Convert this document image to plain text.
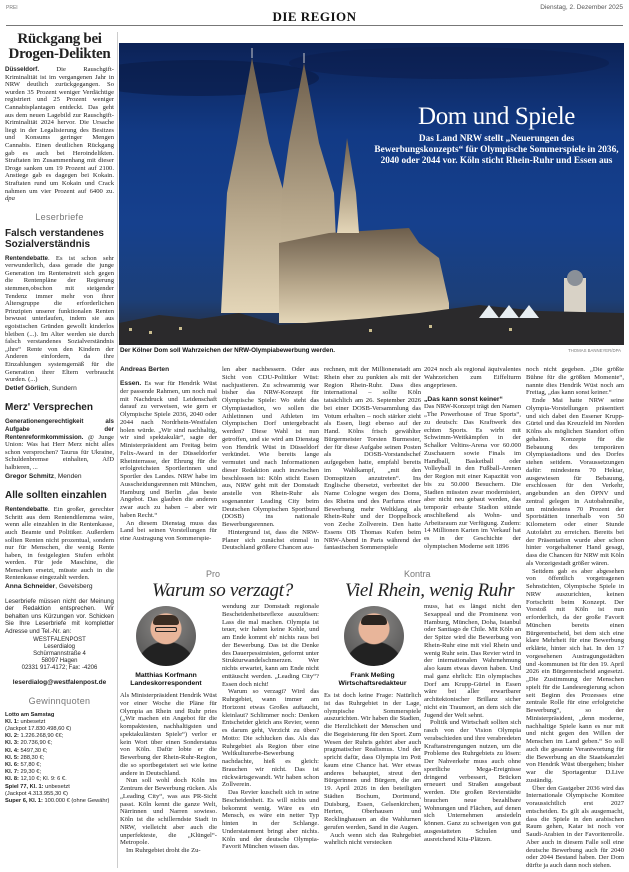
PREI
DIE REGION
Dienstag, 2. Dezember 2025
Rückgang bei Drogen-Delikten

Düsseldorf.	Die Rauschgift-Kriminalität ist im vergangenen Jahr in NRW deutlich zurückgegangen. So wurden 35 Prozent weniger Verdächtige registriert und 25 Prozent weniger Cannabisplantagen entdeckt. Das geht aus dem neuen Lagebild zur Rauschgift-Kriminalität 2024 hervor. Die Ursache liegt in der Legalisierung des Besitzes und Konsums geringer Mengen Cannabis. Einen deutlichen Rückgang gab es auch bei Heroindelikten. Straftaten im Zusammenhang mit dieser Droge sanken um 19 Prozent auf 2100. Anstiege gab es dagegen bei Kokain. Straftaten rund um Kokain und Crack nahmen um vier Prozent auf 6400 zu. dpa

Leserbriefe
Falsch verstandenes Sozialverständnis

Rentendebatte. Es ist schon sehr verwunderlich, dass gerade die junge Generation im Rentenstreit sich gegen die Rentenpläne der Regierung stemmen,obschon mit steigender Tendenz immer mehr von ihrer Altersgruppe die erforderlichen Prinzipien unserer funktionalen Renten bewusst unterlaufen, indem sie aus egoistischen Gründen gewollt kinderlos bleiben (...). Im Alter werden sie durch falsch verstandenes Sozialverständnis „ihre“ Rente von den Kindern der Anderen einfordern, da ihre Einzahlungen systemgemäß für die Generation ihrer Eltern verbraucht wurden. (...)

Detlef Görlich, Sundern

Merz' Versprechen

Generationengerechtigkeit als Aufgabe der Rentenreformkommission. @ Junge Union: Was hat Herr Merz nicht alles schon versprochen? Taurus für Ukraine, Schuldenbremse einhalten, AfD halbieren, ...

Gregor Schmitz, Menden

Alle sollten einzahlen

Rentendebatte. Ein großer, gerechter Schritt aus dem Rentendilemma wäre, wenn alle einzahlen in die Rentenkasse, auch Beamte und Politiker. Außerdem sollten Renten nicht prozentual, sondern nur für Menschen, die wenig Rente haben, in festgelegten Stufen erhöht werden. Für jede Maschine, die Menschen ersetzt, müsste auch in die Rentenkasse eingezahlt werden.

Anna Schneider, Gevelsberg

Leserbriefe müssen nicht der Meinung der Redaktion entsprechen. Wir behalten uns Kürzungen vor. Schicken Sie Ihre Leserbriefe mit kompletter Adresse und Tel.-Nr. an:

WESTFALENPOST
Leserdialog
Schürmannstraße 4
58097 Hagen
02331 917-4172; Fax: -4206
leserdialog@westfalenpost.de
Gewinnquoten
Lotto am Samstag
Kl. 1: unbesetzt
(Jackpot 17.830.498,60 €)
Kl. 2: 1.226.268,90 €€;
Kl. 3: 20.736,90 €;
Kl. 4: 5497,30 €;
Kl. 5: 288,30 €;
Kl. 6: 57,80 €;
Kl. 7: 29,30 €;
Kl. 8: 12,10 €; Kl. 9: 6 €.
Spiel 77, Kl. 1: unbesetzt
(Jackpot 4.313.955,30 €)
Super 6, Kl. 1: 100.000 € (ohne Gewähr)
Dom und Spiele

Das Land NRW stellt „Neuerungen des Bewerbungskonzepts“ für Olympische Sommerspiele in 2036, 2040 oder 2044 vor. Köln sticht Rhein-Ruhr und Essen aus

Der Kölner Dom soll Wahrzeichen der NRW-Olympiabewerbung werden.	THOMAS BANNEYER/DPA
Andreas Berten

Essen. Es war für Hendrik Wüst der passende Rahmen, um noch mal mit Nachdruck und Leidenschaft darauf zu verweisen, wie gern er Olympische Spiele 2036, 2040 oder 2044 nach Nordrhein-Westfalen holen würde. „Wir sind nachhaltig, wir sind spektakulär“, sagte der Ministerpräsident am Freitag beim Felix-Award in der Düsseldorfer Rheinterrasse, der Ehrung für die erfolgreichsten Sportlerinnen und Sportler des Landes. NRW habe im Ausscheidungsrennen mit München, Hamburg und Berlin „das beste Angebot. Das glauben die anderen zwar auch zu haben – aber wir haben Recht.“

An diesem Dienstag muss das Land bei seinen Vorstellungen für eine Austragung von Sommerspie-

len aber nachbessern. Oder aus Sicht von CDU-Politiker Wüst: nachjustieren. Zu schwammig war bisher das NRW-Konzept für Olympische Spiele: Wo steht das Olympiastadion, wo sollen die Athletinnen und Athleten im Olympischen Dorf untergebracht werden? Diese Wahl ist nun getroffen, und sie wird am Dienstag von Hendrik Wüst in Düsseldorf verkündet. Wie bereits lange vermutet und nach Informationen dieser Redaktion auch inzwischen beschlossen ist: Köln sticht Essen aus, NRW geht mit der Domstadt anstelle von Rhein-Ruhr als sogenannter Leading City beim Deutschen Olympischen Sportbund (DOSB) ins nationale Bewerbungsrennen.

Hintergrund ist, dass die NRW-Planer sich zunächst einmal in Deutschland größere Chancen aus-

rechnen, mit der Millionenstadt am Rhein eher zu punkten als mit der Region Rhein-Ruhr. Dass dies international – sollte Köln tatsächlich am 26. September 2026 bei einer DOSB-Versammlung das Votum erhalten – noch stärker zieht als Essen, liegt ebenso auf der Hand. Kölns frisch gewählter Bürgermeister Torsten Burmester, der für diese Aufgabe seinen Posten als DOSB-Vorstandschef aufgegeben hatte, empfahl bereits im Wahlkampf, „mit den Domspitzen anzutreten“. Ins Englische übersetzt, verbreitet der Name Cologne wegen des Doms, des Rheins und des Parfums einer Bewerbung mehr Weltklang als Rhein-Ruhr und der Doppelbock von Zeche Zollverein. Den hatte Essens OB Thomas Kufen beim NRW-Abend in Paris während der fantastischen Sommerspiele

2024 noch als regional äquivalentes Wahrzeichen zum Eiffelturm angepriesen.

„Das kann sonst keiner“

Das NRW-Konzept trägt den Namen „The Powerhouse of True Sports“, zu deutsch: Das Kraftwerk des echten Sports. Es wirbt mit Schwimm-Wettkämpfen in der Schalker Veltins-Arena vor 60.000 Zuschauern sowie Finals im Handball, Basketball oder Volleyball in den Fußball-Arenen der Region mit einer Kapazität von bis zu 50.000 Besuchern. Die Stadien müssten zwar modernisiert, aber nicht neu gebaut werden, das temporär erbaute Stadion stünde anschließend als Wohn- und Arbeitsraum zur Verfügung. Zudem: 14 Millionen Karten im Verkauf hat es in der Geschichte der olympischen Moderne seit 1896

noch nicht gegeben. „Die größte Bühne für die größten Momente“, nannte dies Hendrik Wüst noch am Freitag, „das kann sonst keiner.“

Ende Mai hatte NRW seine Olympia-Vorstellungen präsentiert und sich dabei den Essener Krupp-Gürtel und das Kreuzfeld im Norden Kölns als möglichen Standort offen gehalten. Konzepte für die Bebauung des temporären Olympiastadions und des Dorfes stehen seitdem. Voraussetzungen dafür: mindestens 70 Hektar, ausgewiesen für Bebauung, erschlossen für den Verkehr, angebunden an den ÖPNV und zentral gelegen in Autobahnnähe, um mindestens 70 Prozent der Sportstätten innerhalb von 50 Kilometern oder einer Stunde Autofahrt zu erreichen. Bereits bei der Präsentation wurde aber schon hinter vorgehaltener Hand gesagt, dass die Chancen für NRW mit Köln als Vorzeigestadt größer wären.

Seitdem gab es aber abgesehen von öffentlich vorgetragenen Sehnsüchten, Olympische Spiele in NRW auszurichten, keinen Fortschritt beim Konzept. Der Vorstoß mit Köln ist nun erforderlich, da der große Favorit München bereits einen Bürgerentscheid, bei dem sich eine klare Mehrheit für eine Bewerbung erklärte, hinter sich hat. In den 17 vorgesehenen Austragungsstädten und -kommunen ist für den 19. April 2026 ein Bürgerentscheid angesetzt. „Die Zustimmung der Menschen spielt für die Landesregierung schon seit Beginn des Prozesses eine zentrale Rolle für eine erfolgreiche Bewerbung“, so der Ministerpräsident, „denn moderne, nachhaltige Spiele kann es nur mit und nicht gegen den Willen der Menschen im Land geben.“ So soll auch die gesamte Verantwortung für die Bewerbung an die Staatskanzlei von Hendrik Wüst übergehen; bisher war die Sportagentur D.Live zuständig.

Über den Gastgeber 2036 wird das Internationale Olympische Komitee voraussichtlich erst 2027 entscheiden. Es gilt als ausgemacht, dass die Spiele in den arabischen Raum gehen, Katar ist noch vor Saudi-Arabien in der Favoritenrolle. Aber auch in diesem Falle soll eine deutsche Bewerbung auch für 2040 oder 2044 Bestand haben. Der Dom dürfte ja auch dann noch stehen.

Pro
Warum so verzagt?
Matthias Korfmann
Landeskorrespondent

Als Ministerpräsident Hendrik Wüst vor einer Woche die Pläne für Olympia an Rhein und Ruhr pries („Wir machen ein Angebot für die kompaktesten, nachhaltigsten und spektakulärsten Spiele“) verlor er kein Wort über einen Sonderstatus von Köln. Dafür lobte er die Bewerbung der Rhein-Ruhr-Region, die so sportbegeistert sei wie keine andere in Deutschland.

Nun soll wohl doch Köln ins Zentrum der Bewerbung rücken. Als „Leading City“, was aus PR-Sicht passt. Köln kennt die ganze Welt, Närrinnen und Narren sowieso. Köln ist die schillerndste Stadt in NRW, vielleicht aber auch die unperfekteste, die „Klüngel“-Metropole.

Im Ruhrgebiet droht die Zu-

wendung zur Domstadt regionale Bescheidenheitsreflexe auszulösen: Lass die mal machen. Olympia ist teuer, wir haben keine Kohle, und am Ende kommt eh' nichts raus bei der Bewerbung. Das ist die Denke des Dauerpessimisten, geformt unter Strukturwandelschmerzen. Wer nichts erwartet, kann am Ende nicht enttäuscht werden. „Leading City“? Essen doch nicht!

Warum so verzagt? Wird das Ruhrgebiet, wann immer am Horizont etwas Großes auftaucht, kleinlaut? Schlimmer noch: Denken Entscheider gleich ans Revier, wenn es darum geht, Verzicht zu üben? Motto: Die schlucken das. Als das Ruhrgebiet als Region über eine Weltkulturerbe-Bewerbung nachdachte, hieß es gleich: Brauchen wir nicht. Das ist rückwärtsgewandt. Wir haben schon Zollverein.

Das Revier kuschelt sich in seine Bescheidenheit. Es will nichts und bekommt wenig. Wäre es ein Mensch, es wäre ein netter Typ hinten in der Schlange. Understatement bringt aber nichts. Köln und der deutsche Olympia-Favorit München wissen das.

Kontra
Viel Rhein, wenig Ruhr
Frank Meßing
Wirtschaftsredakteur

Es ist doch keine Frage: Natürlich ist das Ruhrgebiet in der Lage, olympische Sommerspiele auszurichten. Wir haben die Stadien, die Herzlichkeit der Menschen und die Begeisterung für den Sport. Zum Wesen der Ruhris gehört aber auch pragmatischer Realismus. Und der spricht dafür, dass Olympia im Pott kaum eine Chance hat. Wer etwas anderes behauptet, streut den Bürgerinnen und Bürgern, die am 19. April 2026 in den beteiligten Städten Bochum, Dortmund, Duisburg, Essen, Gelsenkirchen, Herten, Oberhausen und Recklinghausen an die Wahlurnen gerufen werden, Sand in die Augen.

Auch wenn sich das Ruhrgebiet wahrlich nicht verstecken

muss, hat es längst nicht den Sexappeal und die Prominenz von Hamburg, München, Doha, Istanbul oder Santiago de Chile. Mit Köln an der Spitze wird die Bewerbung von Rhein-Ruhr eine mit viel Rhein und wenig Ruhr sein. Das Revier wird in der internationalen Wahrnehmung also kaum etwas davon haben. Und mal ganz ehrlich: Ein olympisches Dorf am Krupp-Gürtel in Essen wäre bei aller erwartbarer architektonischer Brillanz sicher nicht ein Traumort, an dem sich die Jugend der Welt sehnt.

Politik und Wirtschaft sollten sich rasch von der Vision Olympia verabschieden und ihre verabredeten Kraftanstrengungen nutzen, um die Probleme des Ruhrgebiets zu lösen: Der Nahverkehr muss auch ohne sportliche Mega-Ereignisse dringend verbessert, Brücken erneuert und Straßen ausgebaut werden. Die großen Revierstädte brauchen neue bezahlbare Wohnungen und Flächen, auf denen sich Unternehmen ansiedeln können. Ganz zu schweigen von gut ausgestatteten Schulen und ausreichend Kita-Plätzen.
